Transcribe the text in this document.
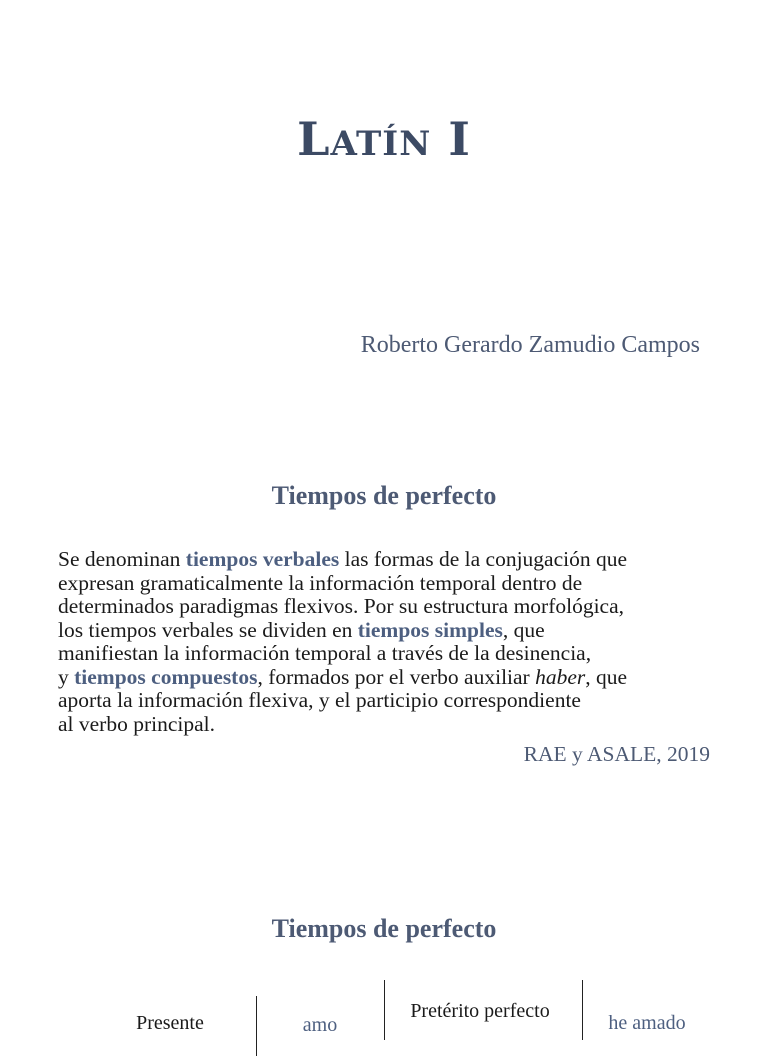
LATÍN I

Roberto Gerardo Zamudio Campos

Tiempos de perfecto
Se denominan tiempos verbales las formas de la conjugación que
expresan gramaticalmente la información temporal dentro de
determinados paradigmas flexivos. Por su estructura morfológica,
los tiempos verbales se dividen en tiempos simples, que
manifiestan la información temporal a través de la desinencia,
y tiempos compuestos, formados por el verbo auxiliar haber, que
aporta la información flexiva, y el participio correspondiente
al verbo principal.

RAE y ASALE, 2019

Tiempos de perfecto
Presente	amo
Pretérito perfecto
he amado
